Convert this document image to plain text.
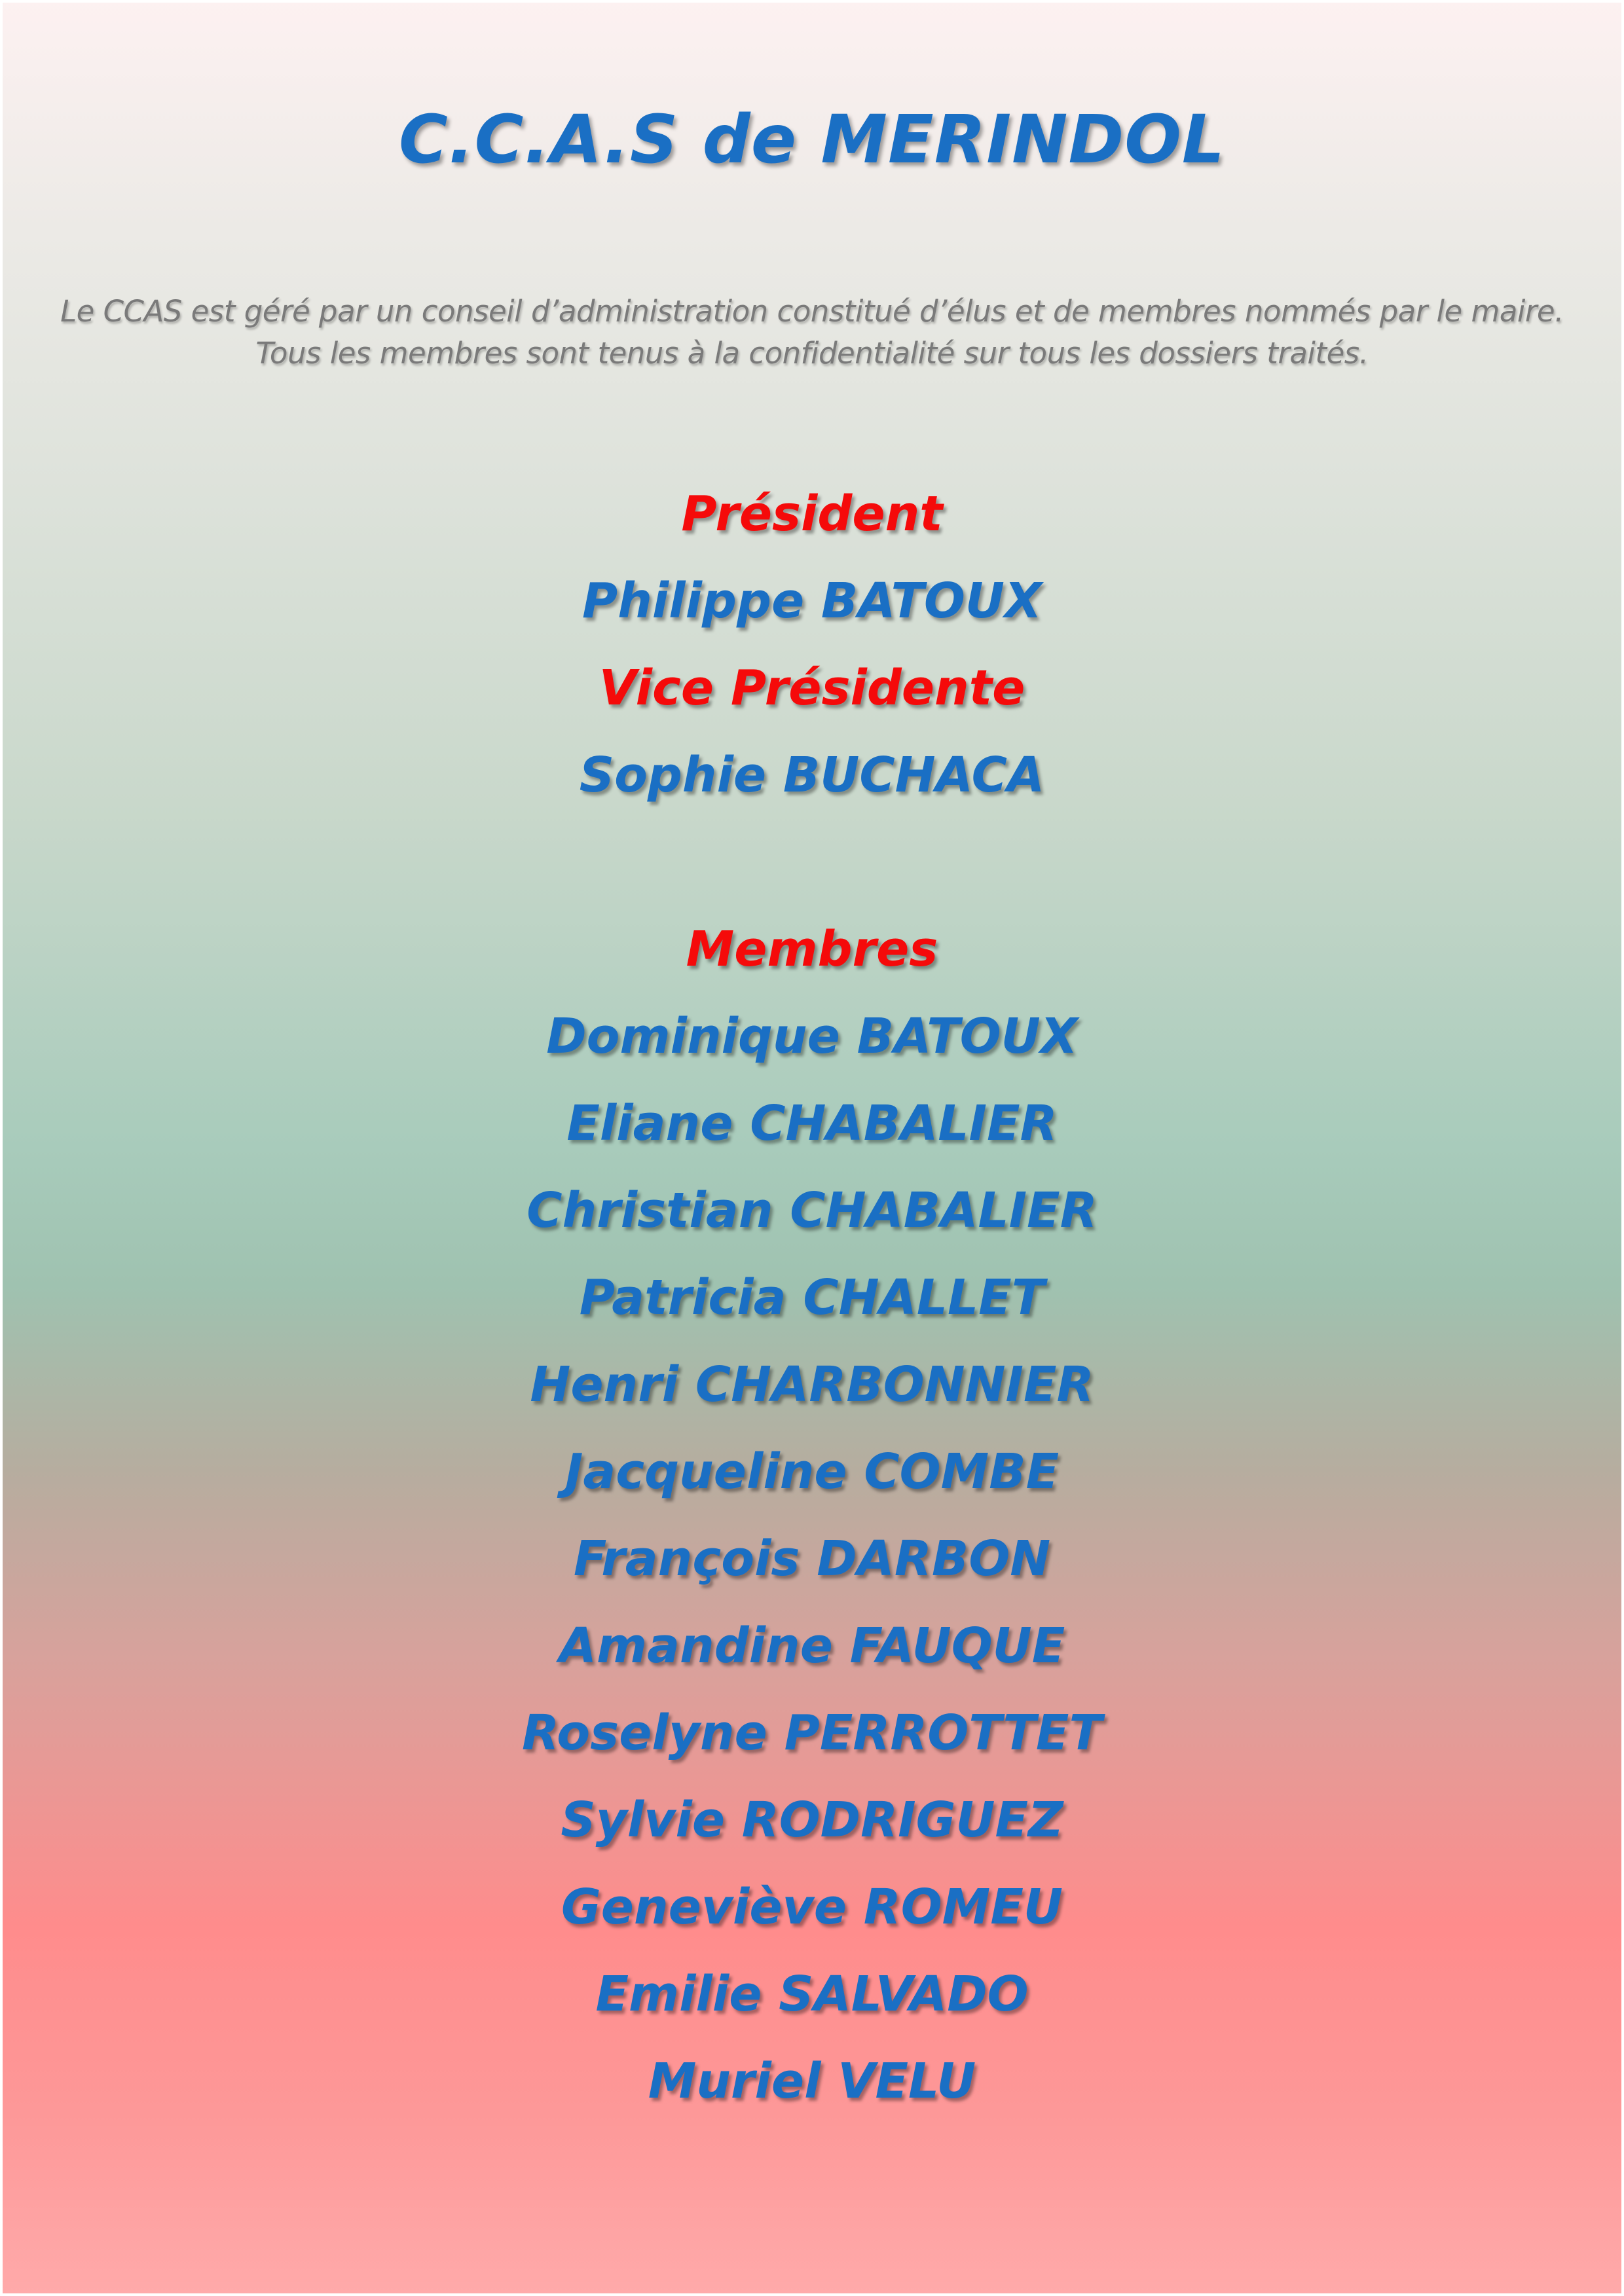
C.C.A.S de MERINDOL
Le CCAS est géré par un conseil d’administration constitué d’élus et de membres nommés par le maire.
Tous les membres sont tenus à la confidentialité sur tous les dossiers traités.
Président
Philippe BATOUX
Vice Présidente
Sophie BUCHACA
Membres
Dominique BATOUX
Eliane CHABALIER
Christian CHABALIER
Patricia CHALLET
Henri CHARBONNIER
Jacqueline COMBE
François DARBON
Amandine FAUQUE
Roselyne PERROTTET
Sylvie RODRIGUEZ
Geneviève ROMEU
Emilie SALVADO
Muriel VELU
